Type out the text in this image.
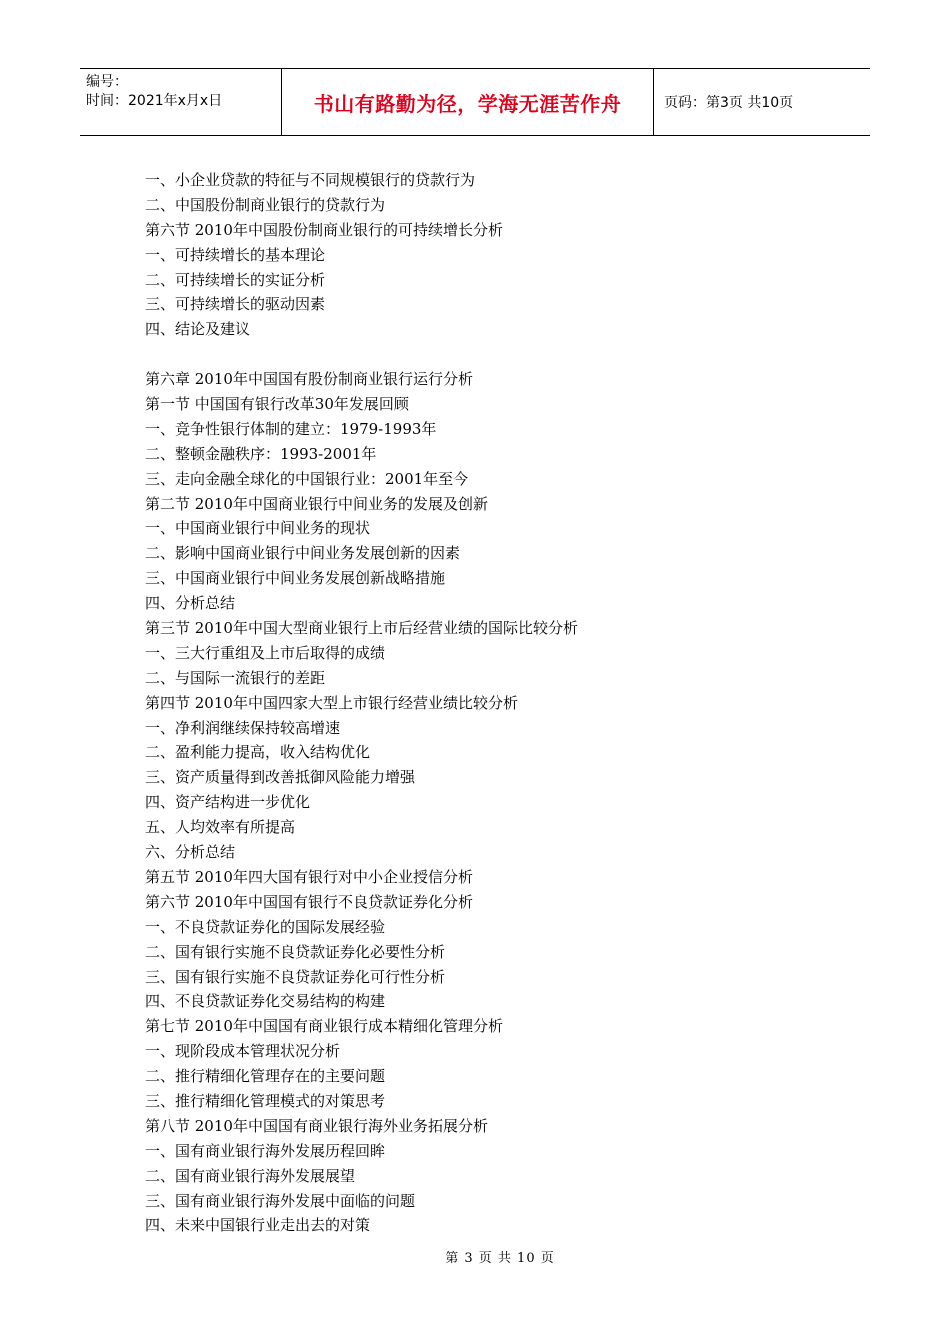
编号：
时间：2021年x月x日	书山有路勤为径，学海无涯苦作舟	页码：第3页 共10页
一、小企业贷款的特征与不同规模银行的贷款行为
二、中国股份制商业银行的贷款行为
第六节 2010年中国股份制商业银行的可持续增长分析
一、可持续增长的基本理论
二、可持续增长的实证分析
三、可持续增长的驱动因素
四、结论及建议
第六章 2010年中国国有股份制商业银行运行分析
第一节 中国国有银行改革30年发展回顾
一、竞争性银行体制的建立：1979-1993年
二、整顿金融秩序：1993-2001年
三、走向金融全球化的中国银行业：2001年至今
第二节 2010年中国商业银行中间业务的发展及创新
一、中国商业银行中间业务的现状
二、影响中国商业银行中间业务发展创新的因素
三、中国商业银行中间业务发展创新战略措施
四、分析总结
第三节 2010年中国大型商业银行上市后经营业绩的国际比较分析
一、三大行重组及上市后取得的成绩
二、与国际一流银行的差距
第四节 2010年中国四家大型上市银行经营业绩比较分析
一、净利润继续保持较高增速
二、盈利能力提高，收入结构优化
三、资产质量得到改善抵御风险能力增强
四、资产结构进一步优化
五、人均效率有所提高
六、分析总结
第五节 2010年四大国有银行对中小企业授信分析
第六节 2010年中国国有银行不良贷款证券化分析
一、不良贷款证券化的国际发展经验
二、国有银行实施不良贷款证券化必要性分析
三、国有银行实施不良贷款证券化可行性分析
四、不良贷款证券化交易结构的构建
第七节 2010年中国国有商业银行成本精细化管理分析
一、现阶段成本管理状况分析
二、推行精细化管理存在的主要问题
三、推行精细化管理模式的对策思考
第八节 2010年中国国有商业银行海外业务拓展分析
一、国有商业银行海外发展历程回眸
二、国有商业银行海外发展展望
三、国有商业银行海外发展中面临的问题
四、未来中国银行业走出去的对策
第 3 页 共 10 页
